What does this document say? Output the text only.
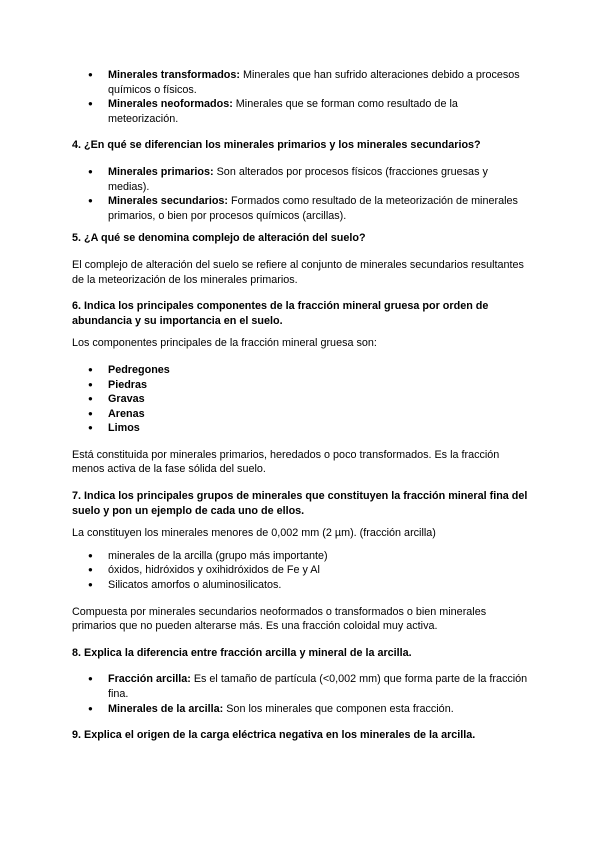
● Minerales transformados: Minerales que han sufrido alteraciones debido a procesos químicos o físicos.
● Minerales neoformados: Minerales que se forman como resultado de la meteorización.
4. ¿En qué se diferencian los minerales primarios y los minerales secundarios?
● Minerales primarios: Son alterados por procesos físicos (fracciones gruesas y medias).
● Minerales secundarios: Formados como resultado de la meteorización de minerales primarios, o bien por procesos químicos (arcillas).
5. ¿A qué se denomina complejo de alteración del suelo?

El complejo de alteración del suelo se refiere al conjunto de minerales secundarios resultantes de la meteorización de los minerales primarios.

6. Indica los principales componentes de la fracción mineral gruesa por orden de abundancia y su importancia en el suelo.

Los componentes principales de la fracción mineral gruesa son:

● Pedregones
● Piedras
● Gravas
● Arenas
● Limos

Está constituida por minerales primarios, heredados o poco transformados. Es la fracción menos activa de la fase sólida del suelo.

7. Indica los principales grupos de minerales que constituyen la fracción mineral fina del suelo y pon un ejemplo de cada uno de ellos.

La constituyen los minerales menores de 0,002 mm (2 µm). (fracción arcilla)

● minerales de la arcilla (grupo más importante)
● óxidos, hidróxidos y oxihidróxidos de Fe y Al
● Silicatos amorfos o aluminosilicatos.

Compuesta por minerales secundarios neoformados o transformados o bien minerales primarios que no pueden alterarse más. Es una fracción coloidal muy activa.

8. Explica la diferencia entre fracción arcilla y mineral de la arcilla.
● Fracción arcilla: Es el tamaño de partícula (<0,002 mm) que forma parte de la fracción fina.
● Minerales de la arcilla: Son los minerales que componen esta fracción.
9. Explica el origen de la carga eléctrica negativa en los minerales de la arcilla.
